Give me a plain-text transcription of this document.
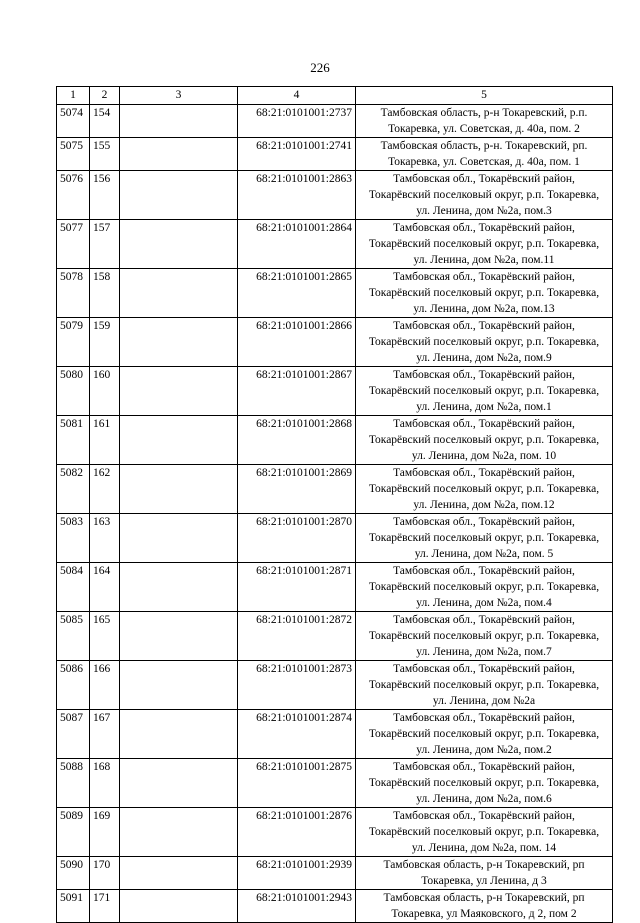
226
1	2	3	4	5
5074	154		68:21:0101001:2737	Тамбовская область, р-н Токаревский, р.п.
Токаревка, ул. Советская, д. 40а, пом. 2

5075	155		68:21:0101001:2741	Тамбовская область, р-н. Токаревский, рп.
Токаревка, ул. Советская, д. 40а, пом. 1

5076	156		68:21:0101001:2863	Тамбовская обл., Токарёвский район,
Токарёвский поселковый округ, р.п. Токаревка,
ул. Ленина, дом №2а, пом.3

5077	157		68:21:0101001:2864	Тамбовская обл., Токарёвский район,
Токарёвский поселковый округ, р.п. Токаревка,
ул. Ленина, дом №2а, пом.11

5078	158		68:21:0101001:2865	Тамбовская обл., Токарёвский район,
Токарёвский поселковый округ, р.п. Токаревка,
ул. Ленина, дом №2а, пом.13

5079	159		68:21:0101001:2866	Тамбовская обл., Токарёвский район,
Токарёвский поселковый округ, р.п. Токаревка,
ул. Ленина, дом №2а, пом.9

5080	160		68:21:0101001:2867	Тамбовская обл., Токарёвский район,
Токарёвский поселковый округ, р.п. Токаревка,
ул. Ленина, дом №2а, пом.1

5081	161		68:21:0101001:2868	Тамбовская обл., Токарёвский район,
Токарёвский поселковый округ, р.п. Токаревка,
ул. Ленина, дом №2а, пом. 10

5082	162		68:21:0101001:2869	Тамбовская обл., Токарёвский район,
Токарёвский поселковый округ, р.п. Токаревка,
ул. Ленина, дом №2а, пом.12

5083	163		68:21:0101001:2870	Тамбовская обл., Токарёвский район,
Токарёвский поселковый округ, р.п. Токаревка,
ул. Ленина, дом №2а, пом. 5

5084	164		68:21:0101001:2871	Тамбовская обл., Токарёвский район,
Токарёвский поселковый округ, р.п. Токаревка,
ул. Ленина, дом №2а, пом.4

5085	165		68:21:0101001:2872	Тамбовская обл., Токарёвский район,
Токарёвский поселковый округ, р.п. Токаревка,
ул. Ленина, дом №2а, пом.7

5086	166		68:21:0101001:2873	Тамбовская обл., Токарёвский район,
Токарёвский поселковый округ, р.п. Токаревка,
ул. Ленина, дом №2а

5087	167		68:21:0101001:2874	Тамбовская обл., Токарёвский район,
Токарёвский поселковый округ, р.п. Токаревка,
ул. Ленина, дом №2а, пом.2

5088	168		68:21:0101001:2875	Тамбовская обл., Токарёвский район,
Токарёвский поселковый округ, р.п. Токаревка,
ул. Ленина, дом №2а, пом.6

5089	169		68:21:0101001:2876	Тамбовская обл., Токарёвский район,
Токарёвский поселковый округ, р.п. Токаревка,
ул. Ленина, дом №2а, пом. 14

5090	170		68:21:0101001:2939	Тамбовская область, р-н Токаревский, рп
Токаревка, ул Ленина, д 3

5091	171		68:21:0101001:2943	Тамбовская область, р-н Токаревский, рп
Токаревка, ул Маяковского, д 2, пом 2
